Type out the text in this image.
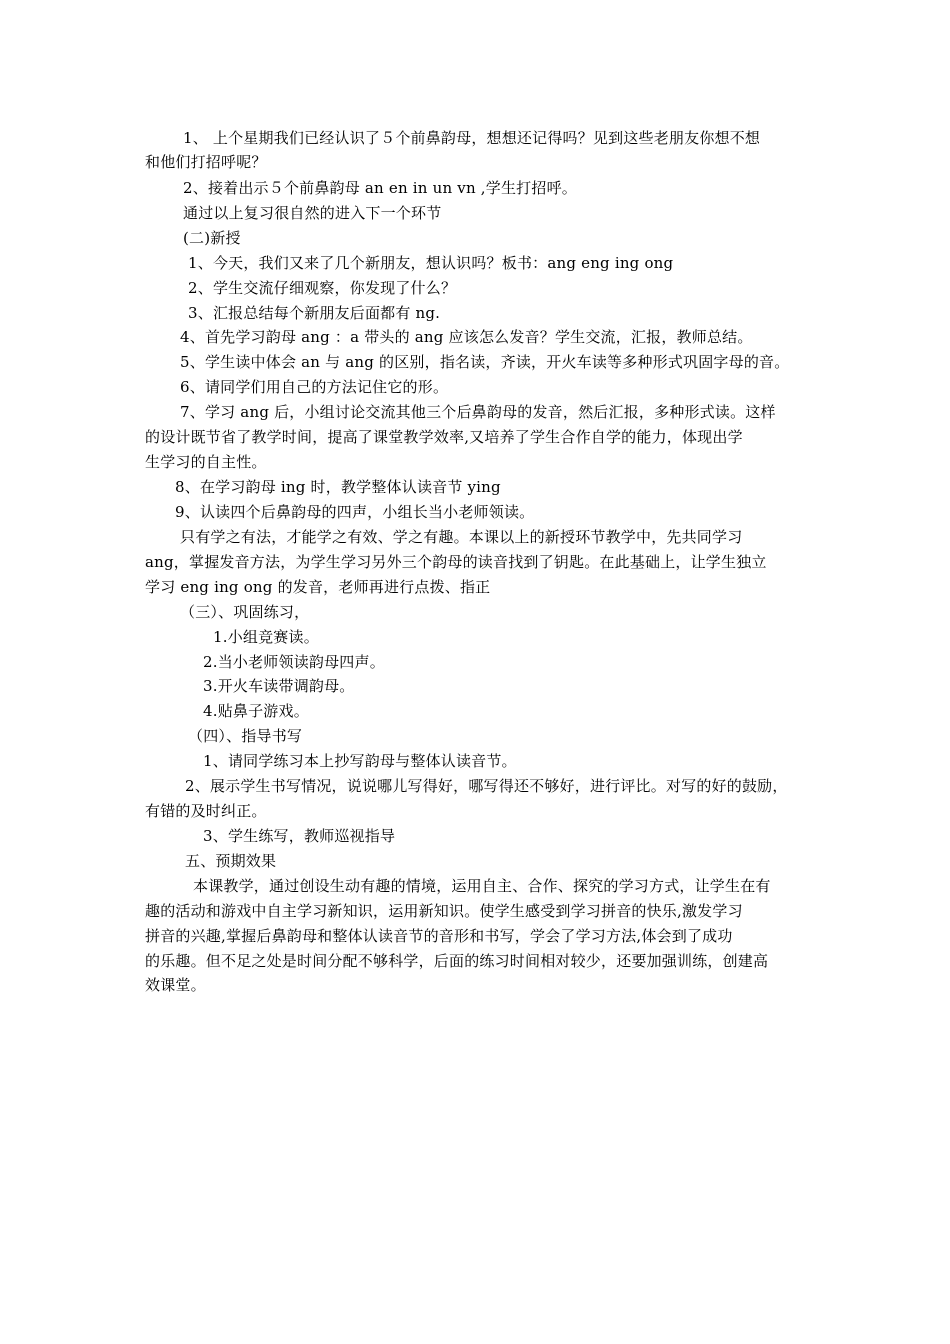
1、 上个星期我们已经认识了５个前鼻韵母，想想还记得吗？见到这些老朋友你想不想
和他们打招呼呢？
2、接着出示５个前鼻韵母 an en in un vn ,学生打招呼。
通过以上复习很自然的进入下一个环节
(二)新授
1、今天，我们又来了几个新朋友，想认识吗？板书：ang eng ing ong
2、学生交流仔细观察，你发现了什么？
3、汇报总结每个新朋友后面都有 ng.
4、首先学习韵母 ang ：a 带头的 ang 应该怎么发音？学生交流，汇报，教师总结。
5、学生读中体会 an 与 ang 的区别，指名读，齐读，开火车读等多种形式巩固字母的音。
6、请同学们用自己的方法记住它的形。
7、学习 ang 后，小组讨论交流其他三个后鼻韵母的发音，然后汇报，多种形式读。这样
的设计既节省了教学时间，提高了课堂教学效率,又培养了学生合作自学的能力，体现出学
生学习的自主性。
8、在学习韵母 ing 时，教学整体认读音节 ying
9、认读四个后鼻韵母的四声，小组长当小老师领读。
只有学之有法，才能学之有效、学之有趣。本课以上的新授环节教学中，先共同学习
ang，掌握发音方法，为学生学习另外三个韵母的读音找到了钥匙。在此基础上，让学生独立
学习 eng ing ong 的发音，老师再进行点拨、指正
（三）、巩固练习，
1.小组竞赛读。
2.当小老师领读韵母四声。
3.开火车读带调韵母。
4.贴鼻子游戏。
（四）、指导书写
1、请同学练习本上抄写韵母与整体认读音节。
2、展示学生书写情况，说说哪儿写得好，哪写得还不够好，进行评比。对写的好的鼓励，
有错的及时纠正。
3、学生练写，教师巡视指导
五、预期效果
本课教学，通过创设生动有趣的情境，运用自主、合作、探究的学习方式，让学生在有
趣的活动和游戏中自主学习新知识，运用新知识。使学生感受到学习拼音的快乐,激发学习
拼音的兴趣,掌握后鼻韵母和整体认读音节的音形和书写，学会了学习方法,体会到了成功
的乐趣。但不足之处是时间分配不够科学，后面的练习时间相对较少，还要加强训练，创建高
效课堂。
